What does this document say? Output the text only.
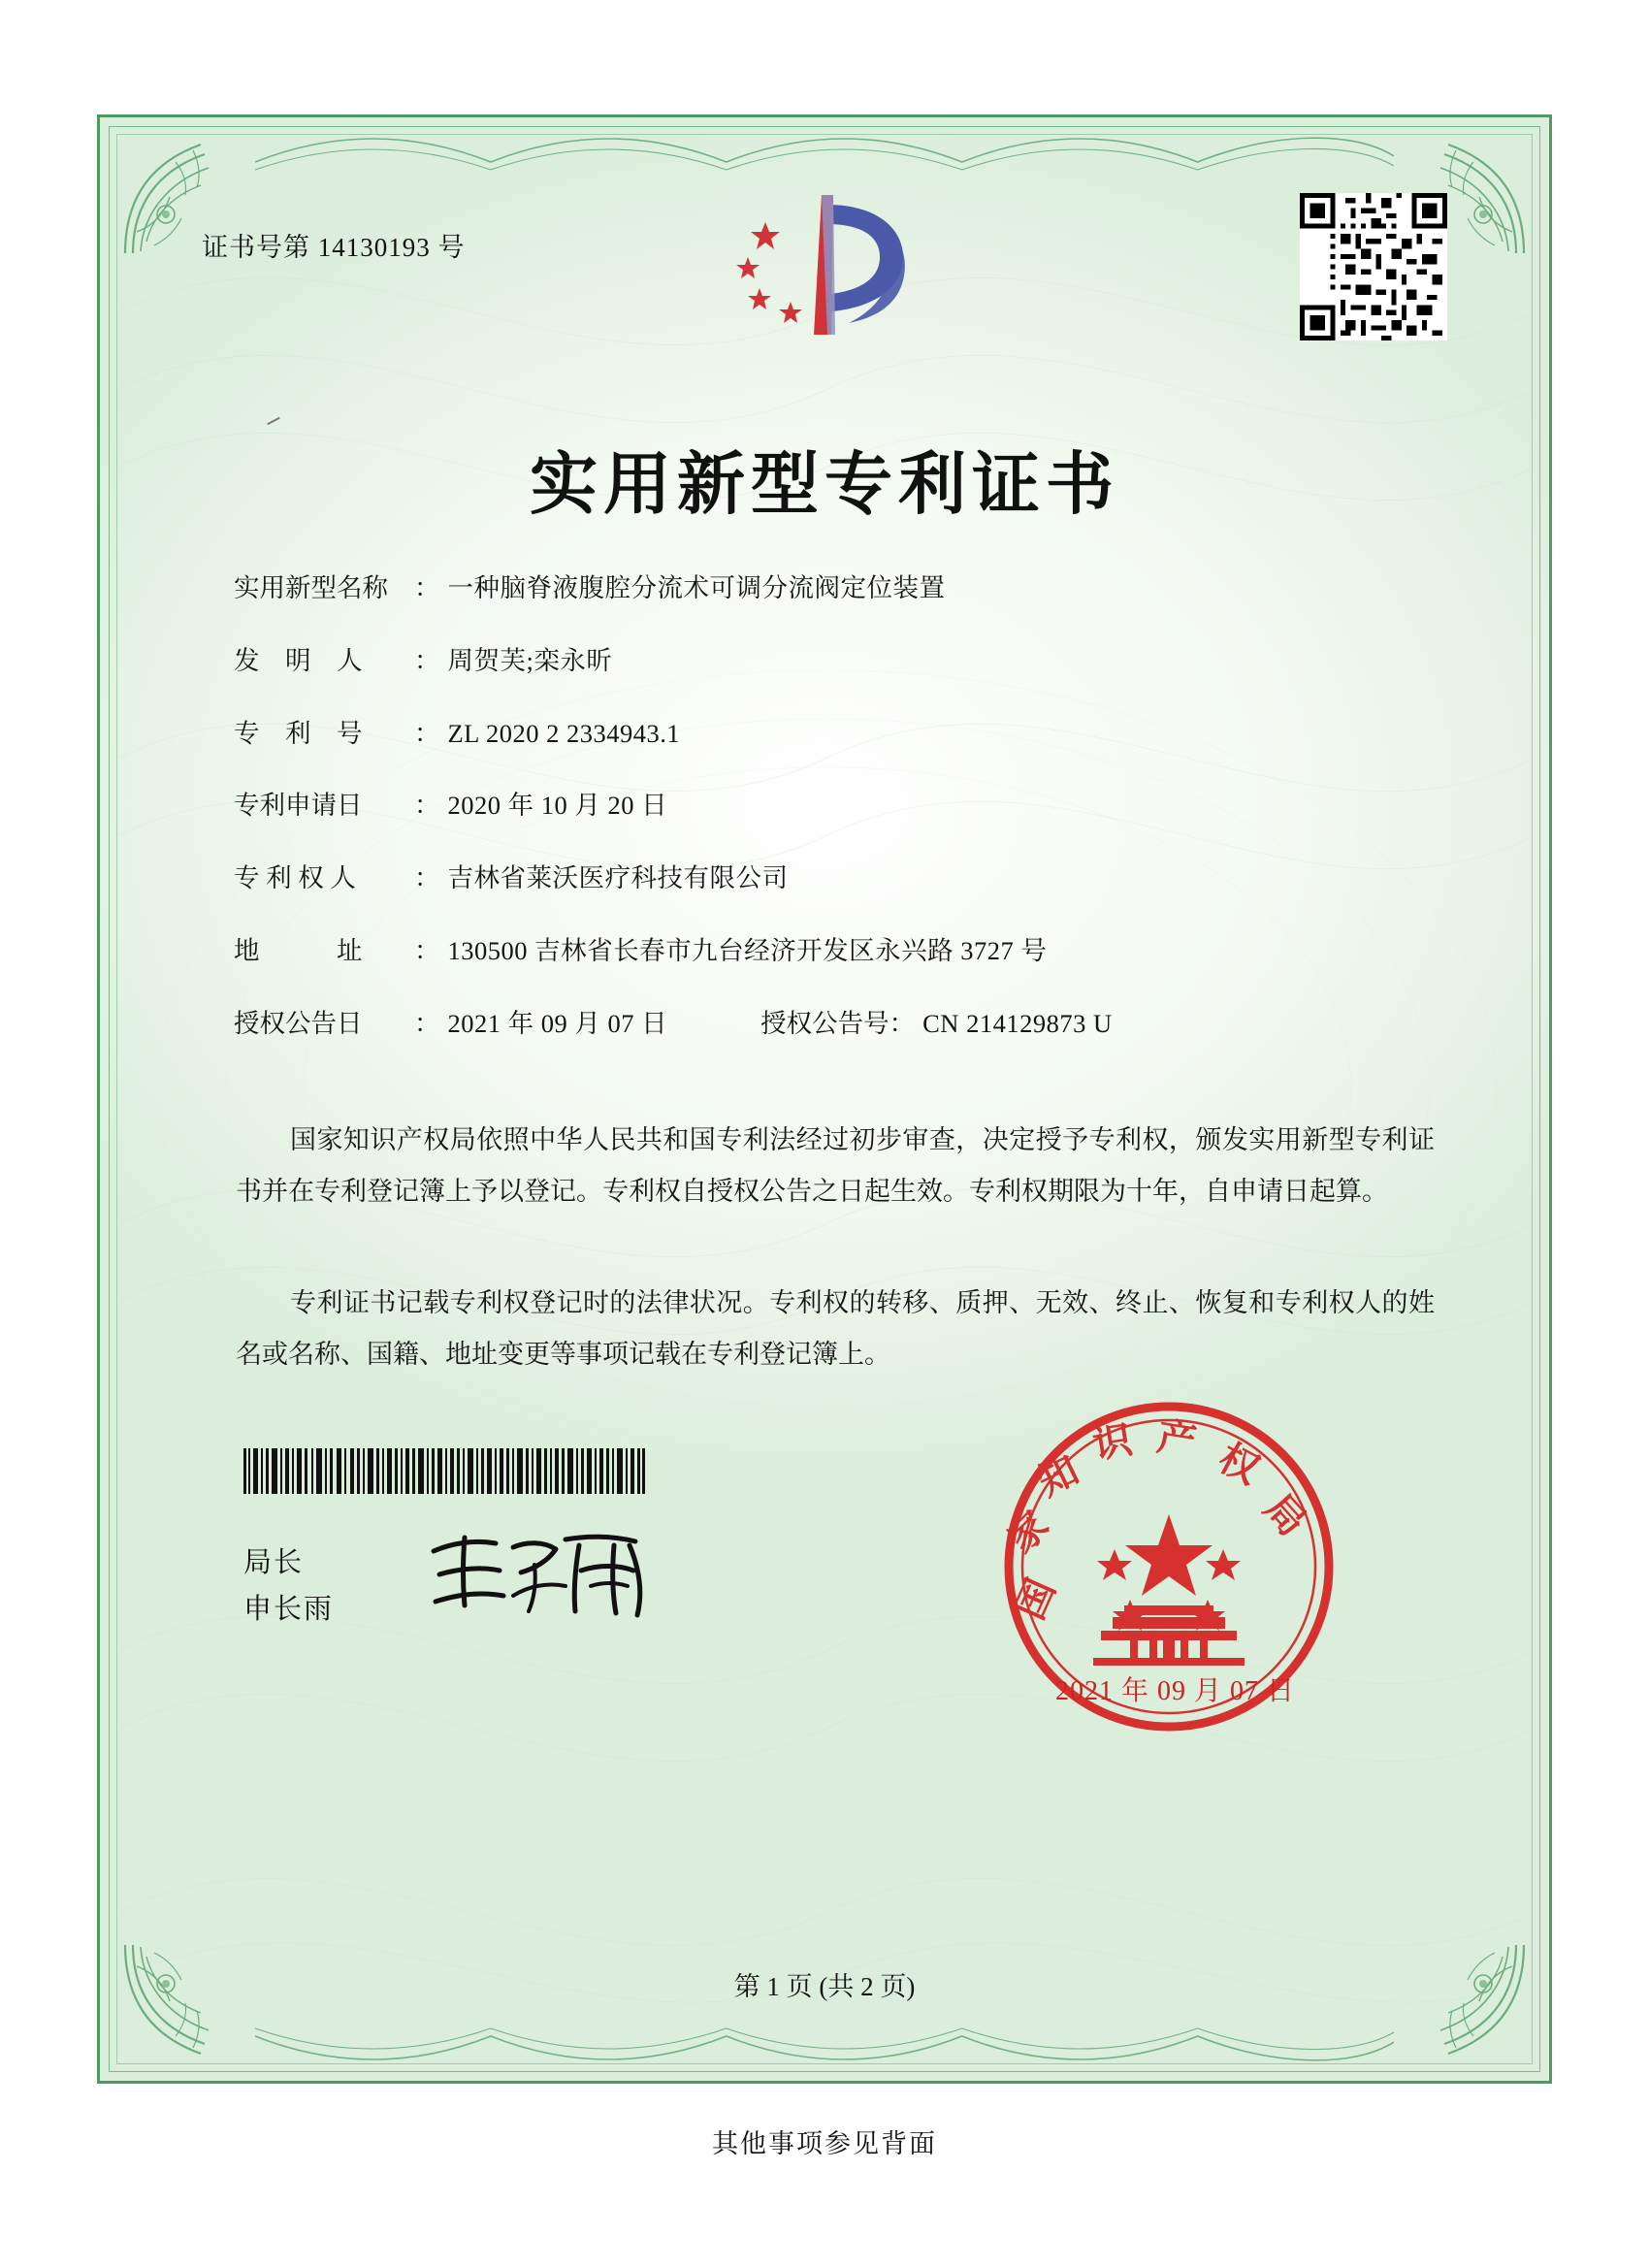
证书号第 14130193 号
实用新型专利证书
实用新型名称	： 一种脑脊液腹腔分流术可调分流阀定位装置
发　明　人	： 周贺芙;栾永昕
专　利　号	： ZL 2020 2 2334943.1
专利申请日	： 2020 年 10 月 20 日
专 利 权 人	： 吉林省莱沃医疗科技有限公司
地　　　址	： 130500 吉林省长春市九台经济开发区永兴路 3727 号
授权公告日	： 2021 年 09 月 07 日	授权公告号 ： CN 214129873 U
国家知识产权局依照中华人民共和国专利法经过初步审查，决定授予专利权，颁发实用新型专利证书并在专利登记簿上予以登记。专利权自授权公告之日起生效。专利权期限为十年，自申请日起算。
专利证书记载专利权登记时的法律状况。专利权的转移、质押、无效、终止、恢复和专利权人的姓名或名称、国籍、地址变更等事项记载在专利登记簿上。
局长
申长雨	国
家
知
识 产 权
局
2021 年 09 月 07 日
第 1 页 (共 2 页)
其他事项参见背面
